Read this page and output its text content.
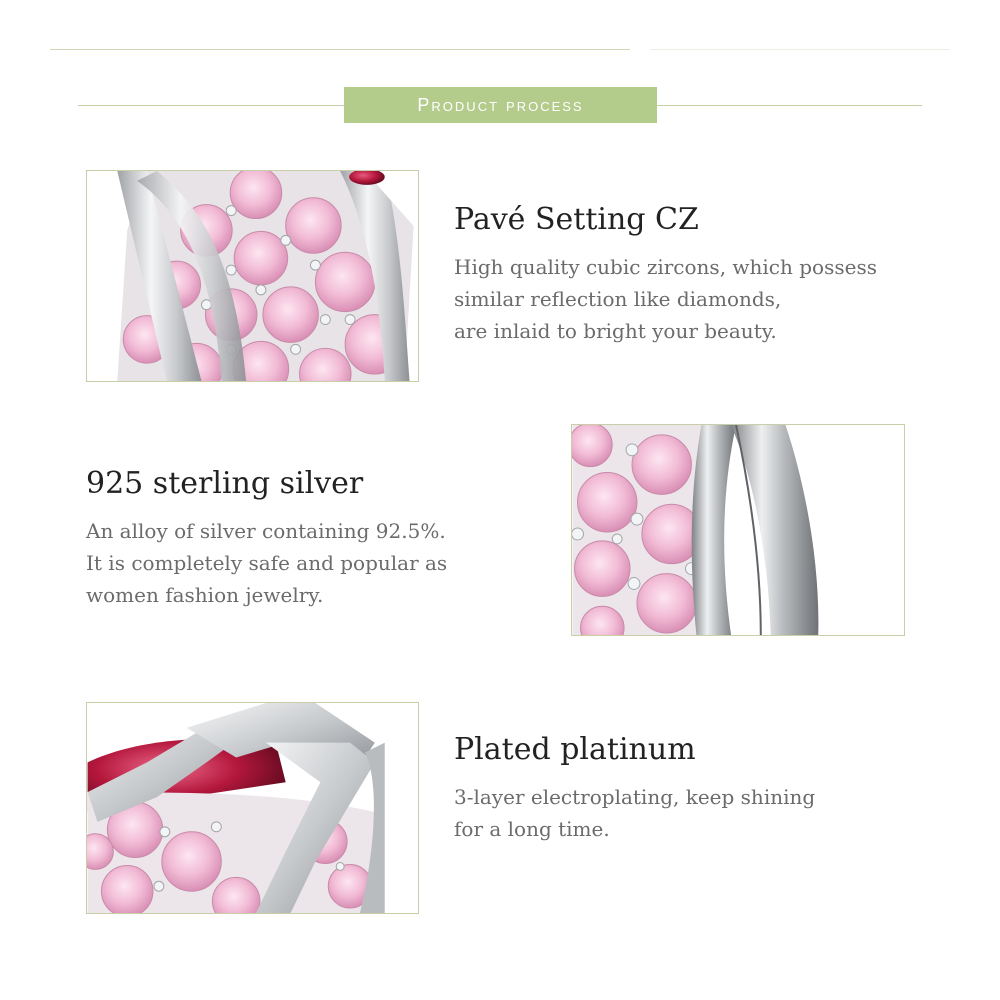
Product process
Pavé Setting CZ
High quality cubic zircons, which possess
similar reflection like diamonds,
are inlaid to bright your beauty.
925 sterling silver
An alloy of silver containing 92.5%.
It is completely safe and popular as
women fashion jewelry.
Plated platinum
3-layer electroplating, keep shining
for a long time.
